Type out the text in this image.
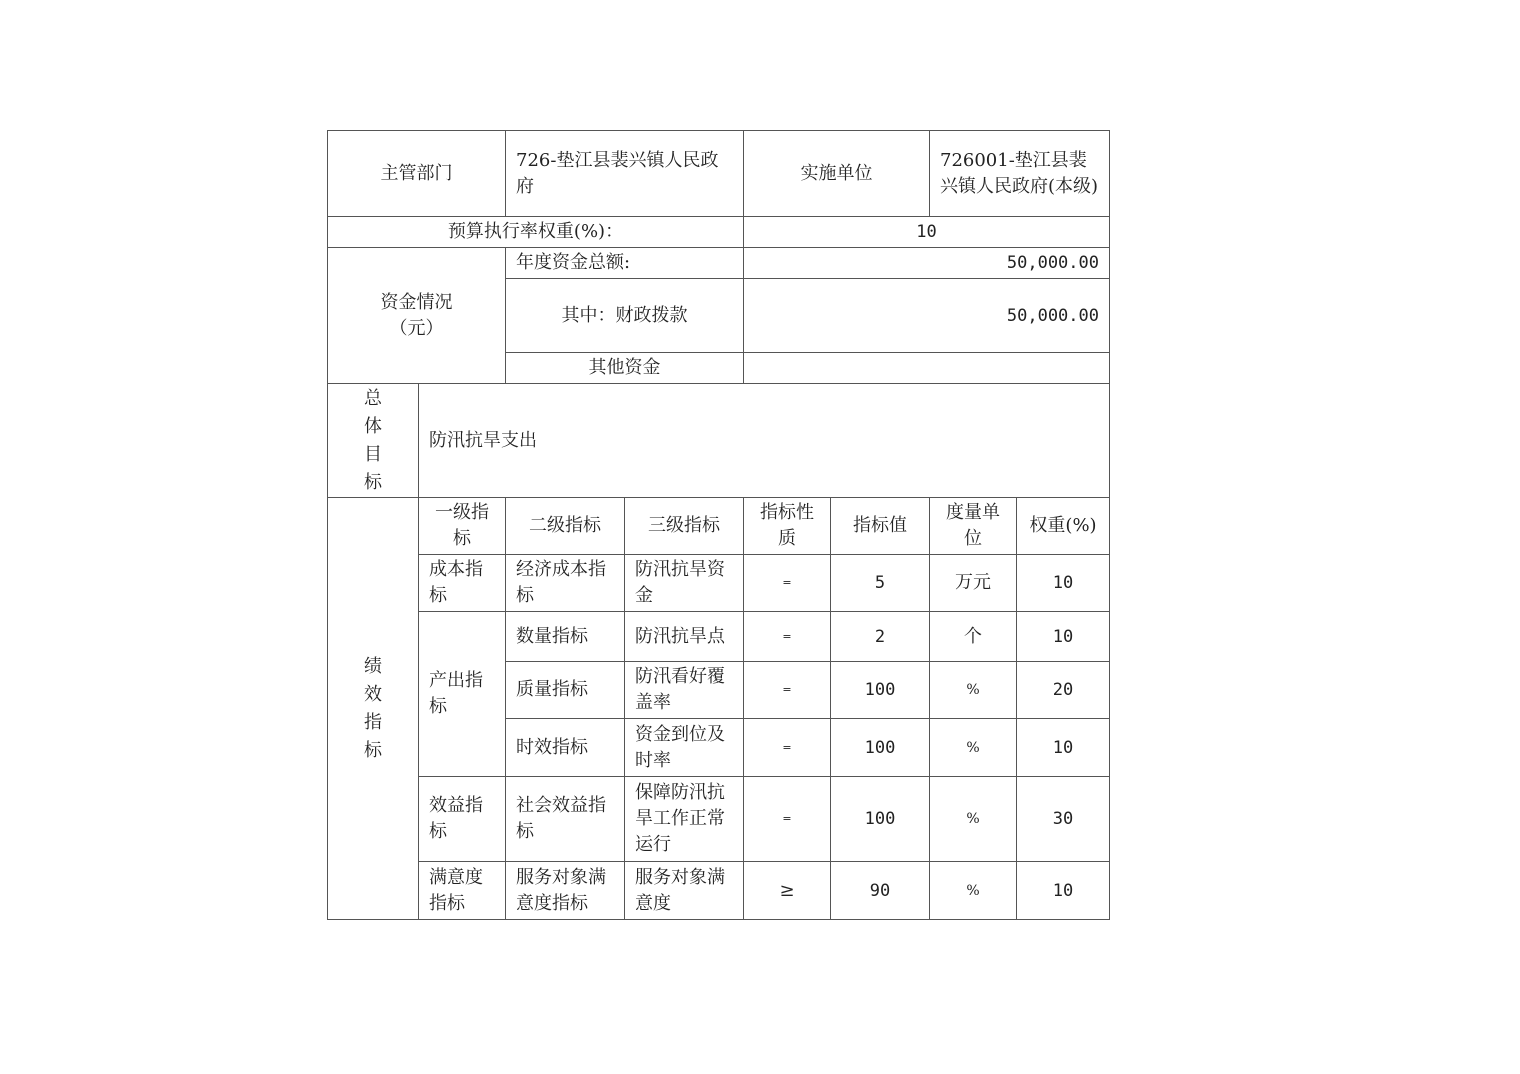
主管部门		726-垫江县裴兴镇人民政府		实施单位		726001-垫江县裴兴镇人民政府(本级)	
预算执行率权重(%)：				10			

资金情况
（元）		年度资金总额:		50,000.00			
		其中：财政拨款		50,000.00			
		其他资金					

总体目标	防汛抗旱支出						

绩效指标	一级指标	二级指标	三级指标	指标性质	指标值	度量单位	权重(%)
	成本指标	经济成本指标	防汛抗旱资金	=	5	万元	10
	产出指标	数量指标	防汛抗旱点	=	2	个	10
		质量指标	防汛看好覆盖率	=	100	%	20
		时效指标	资金到位及时率	=	100	%	10
	效益指标	社会效益指标	保障防汛抗旱工作正常运行	=	100	%	30
	满意度指标	服务对象满意度指标	服务对象满意度	≥	90	%	10
